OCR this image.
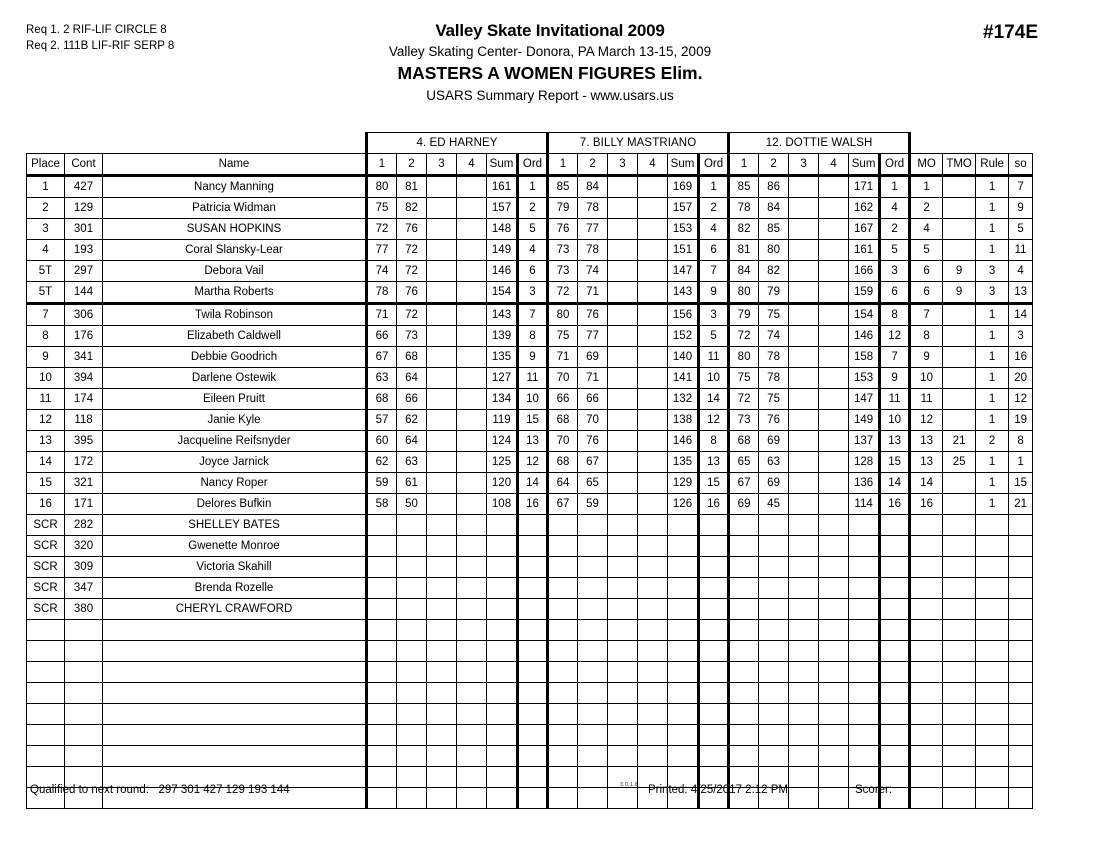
Req 1. 2 RIF-LIF CIRCLE 8
Req 2. 111B LIF-RIF SERP 8
Valley Skate Invitational 2009
Valley Skating Center- Donora, PA March 13-15, 2009
MASTERS A WOMEN FIGURES Elim.
USARS Summary Report - www.usars.us
#174E
			4. ED HARNEY						7. BILLY MASTRIANO						12. DOTTIE WALSH									
Place	Cont	Name	1	2	3	4	Sum	Ord	1	2	3	4	Sum	Ord	1	2	3	4	Sum	Ord	MO	TMO	Rule	so
1	427	Nancy Manning	80	81			161	1	85	84			169	1	85	86			171	1	1		1	7
2	129	Patricia Widman	75	82			157	2	79	78			157	2	78	84			162	4	2		1	9
3	301	SUSAN HOPKINS	72	76			148	5	76	77			153	4	82	85			167	2	4		1	5
4	193	Coral Slansky-Lear	77	72			149	4	73	78			151	6	81	80			161	5	5		1	11
5T	297	Debora Vail	74	72			146	6	73	74			147	7	84	82			166	3	6	9	3	4
5T	144	Martha Roberts	78	76			154	3	72	71			143	9	80	79			159	6	6	9	3	13
7	306	Twila Robinson	71	72			143	7	80	76			156	3	79	75			154	8	7		1	14
8	176	Elizabeth Caldwell	66	73			139	8	75	77			152	5	72	74			146	12	8		1	3
9	341	Debbie Goodrich	67	68			135	9	71	69			140	11	80	78			158	7	9		1	16
10	394	Darlene Ostewik	63	64			127	11	70	71			141	10	75	78			153	9	10		1	20
11	174	Eileen Pruitt	68	66			134	10	66	66			132	14	72	75			147	11	11		1	12
12	118	Janie Kyle	57	62			119	15	68	70			138	12	73	76			149	10	12		1	19
13	395	Jacqueline Reifsnyder	60	64			124	13	70	76			146	8	68	69			137	13	13	21	2	8
14	172	Joyce Jarnick	62	63			125	12	68	67			135	13	65	63			128	15	13	25	1	1
15	321	Nancy Roper	59	61			120	14	64	65			129	15	67	69			136	14	14		1	15
16	171	Delores Bufkin	58	50			108	16	67	59			126	16	69	45			114	16	16		1	21
SCR	282	SHELLEY BATES																						
SCR	320	Gwenette Monroe																						
SCR	309	Victoria Skahill																						
SCR	347	Brenda Rozelle																						
SCR	380	CHERYL CRAWFORD																						

Qualified to next round: 297 301 427 129 193 144	3.0.1.6 Printed: 4/25/2017 2:12 PM	Scorer:
